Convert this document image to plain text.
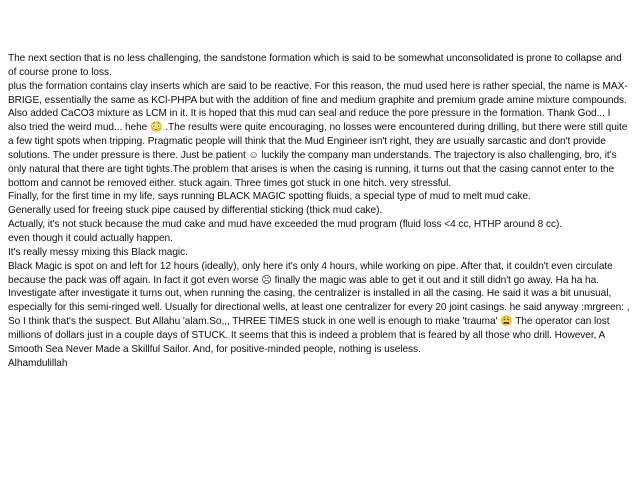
The next section that is no less challenging, the sandstone formation which is said to be somewhat unconsolidated is prone to collapse and of course prone to loss.

plus the formation contains clay inserts which are said to be reactive. For this reason, the mud used here is rather special, the name is MAX-BRIGE, essentially the same as KCl-PHPA but with the addition of fine and medium graphite and premium grade amine mixture compounds. Also added CaCO3 mixture as LCM in it. It is hoped that this mud can seal and reduce the pore pressure in the formation. Thank God... I also tried the weird mud... hehe 😳 .The results were quite encouraging, no losses were encountered during drilling, but there were still quite a few tight spots when tripping. Pragmatic people will think that the Mud Engineer isn't right, they are usually sarcastic and don't provide solutions. The under pressure is there. Just be patient ☺ luckily the company man understands. The trajectory is also challenging, bro, it's only natural that there are tight tights.The problem that arises is when the casing is running, it turns out that the casing cannot enter to the bottom and cannot be removed either. stuck again. Three times got stuck in one hitch. very stressful.

Finally, for the first time in my life, says running BLACK MAGIC spotting fluids, a special type of mud to melt mud cake.

Generally used for freeing stuck pipe caused by differential sticking (thick mud cake).

Actually, it's not stuck because the mud cake and mud have exceeded the mud program (fluid loss <4 cc, HTHP around 8 cc).

even though it could actually happen.

It's really messy mixing this Black magic.

Black Magic is spot on and left for 12 hours (ideally), only here it's only 4 hours, while working on pipe. After that, it couldn't even circulate because the pack was off again. In fact it got even worse ☹ finally the magic was able to get it out and it still didn't go away. Ha ha ha. Investigate after investigate it turns out, when running the casing, the centralizer is installed in all the casing. He said it was a bit unusual, especially for this semi-ringed well. Usually for directional wells, at least one centralizer for every 20 joint casings. he said anyway :mrgreen: , So I think that's the suspect. But Allahu 'alam.So,,, THREE TIMES stuck in one well is enough to make 'trauma' 😩 The operator can lost millions of dollars just in a couple days of STUCK. It seems that this is indeed a problem that is feared by all those who drill. However, A Smooth Sea Never Made a Skillful Sailor. And, for positive-minded people, nothing is useless.

Alhamdulillah
